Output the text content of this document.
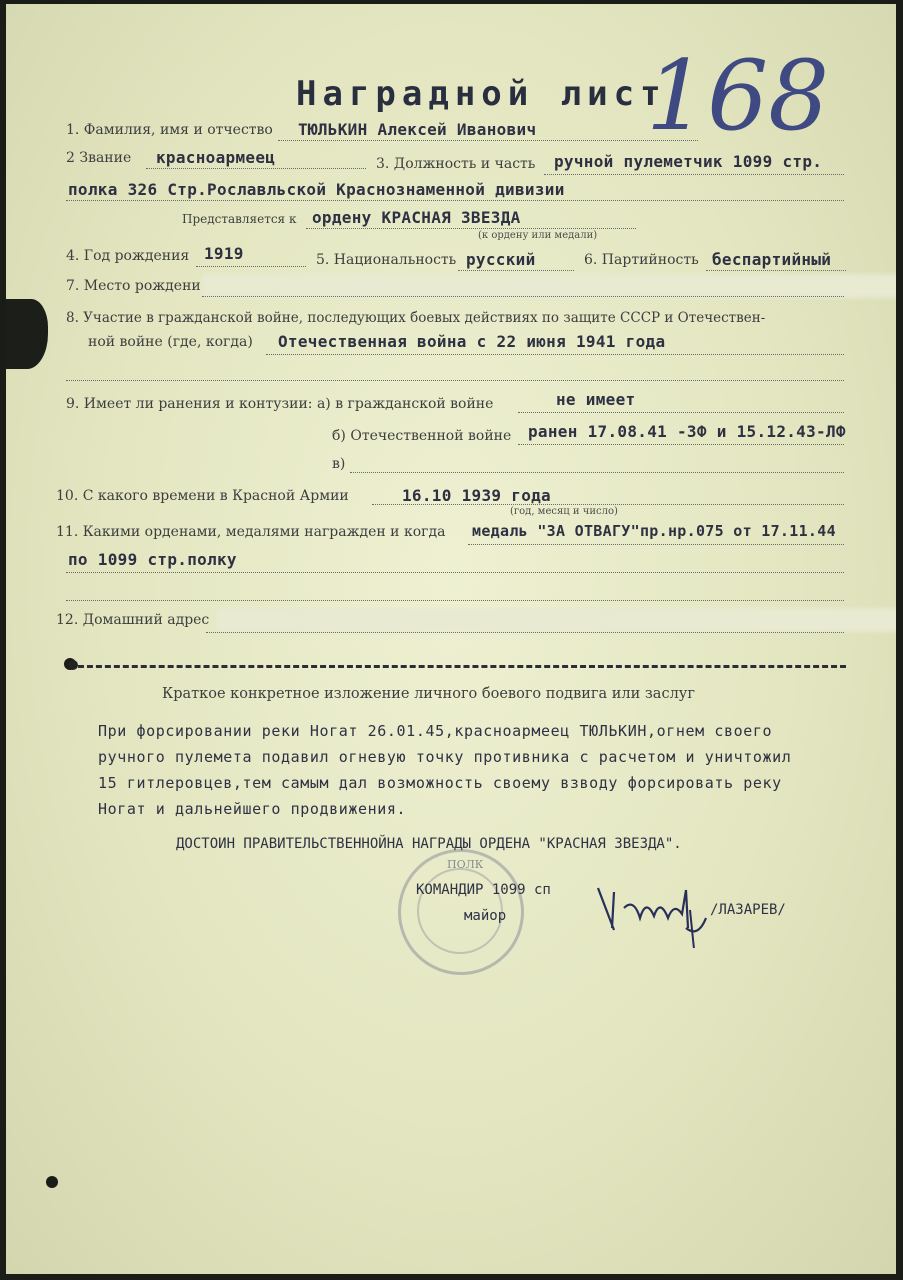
Наградной лист
168
1. Фамилия, имя и отчество ТЮЛЬКИН Алексей Иванович
2 Звание красноармеец	3. Должность и часть ручной пулеметчик 1099 стр.
полка 326 Стр.Рославльской Краснознаменной дивизии
Представляется к ордену КРАСНАЯ ЗВЕЗДА
(к ордену или медали)
4. Год рождения 1919	5. Национальность русский	6. Партийность беспартийный
7. Место рождени
8. Участие в гражданской войне, последующих боевых действиях по защите СССР и Отечествен-
ной войне (где, когда) Отечественная война с 22 июня 1941 года
9. Имеет ли ранения и контузии: а) в гражданской войне	не имеет
б) Отечественной войне ранен 17.08.41 -ЗФ и 15.12.43-ЛФ
в)
10. С какого времени в Красной Армии	16.10 1939 года
(год, месяц и число)
11. Какими орденами, медалями награжден и когда медаль "ЗА ОТВАГУ"пр.нр.075 от 17.11.44
по 1099 стр.полку
12. Домашний адрес
Краткое конкретное изложение личного боевого подвига или заслуг
При форсировании реки Ногат 26.01.45,красноармеец ТЮЛЬКИН,огнем своего
ручного пулемета подавил огневую точку противника с расчетом и уничтожил
15 гитлеровцев,тем самым дал возможность своему взводу форсировать реку
Ногат и дальнейшего продвижения.
ДОСТОИН ПРАВИТЕЛЬСТВЕННОЙНА НАГРАДЫ ОРДЕНА "КРАСНАЯ ЗВЕЗДА".
ПОЛК
КОМАНДИР 1099 сп
майор	/ЛАЗАРЕВ/
